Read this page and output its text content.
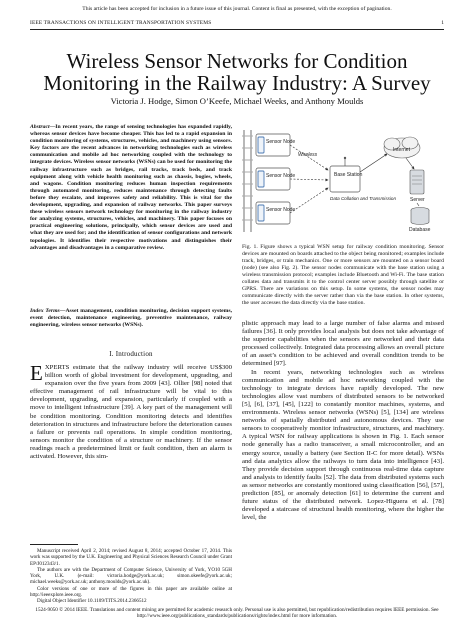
This article has been accepted for inclusion in a future issue of this journal. Content is final as presented, with the exception of pagination.
IEEE TRANSACTIONS ON INTELLIGENT TRANSPORTATION SYSTEMS	1
Wireless Sensor Networks for Condition Monitoring in the Railway Industry: A Survey
Victoria J. Hodge, Simon O’Keefe, Michael Weeks, and Anthony Moulds
Abstract—In recent years, the range of sensing technologies has expanded rapidly, whereas sensor devices have become cheaper. This has led to a rapid expansion in condition monitoring of systems, structures, vehicles, and machinery using sensors. Key factors are the recent advances in networking technologies such as wireless communication and mobile ad hoc networking coupled with the technology to integrate devices. Wireless sensor networks (WSNs) can be used for monitoring the railway infrastructure such as bridges, rail tracks, track beds, and track equipment along with vehicle health monitoring such as chassis, bogies, wheels, and wagons. Condition monitoring reduces human inspection requirements through automated monitoring, reduces maintenance through detecting faults before they escalate, and improves safety and reliability. This is vital for the development, upgrading, and expansion of railway networks. This paper surveys these wireless sensors network technology for monitoring in the railway industry for analyzing systems, structures, vehicles, and machinery. This paper focuses on practical engineering solutions, principally, which sensor devices are used and what they are used for; and the identification of sensor configurations and network topologies. It identifies their respective motivations and distinguishes their advantages and disadvantages in a comparative review.
Index Terms—Asset management, condition monitoring, decision support systems, event detection, maintenance engineering, preventive maintenance, railway engineering, wireless sensor networks (WSNs).
I. Introduction
EXPERTS estimate that the railway industry will receive US$300 billion worth of global investment for development, upgrading, and expansion over the five years from 2009 [43]. Ollier [98] noted that effective management of rail infrastructure will be vital to this development, upgrading, and expansion, particularly if coupled with a move to intelligent infrastructure [39]. A key part of the management will be condition monitoring. Condition monitoring detects and identifies deterioration in structures and infrastructure before the deterioration causes a failure or prevents rail operations. In simple condition monitoring, sensors monitor the condition of a structure or machinery. If the sensor readings reach a predetermined limit or fault condition, then an alarm is activated. However, this sim-

Manuscript received April 2, 2014; revised August 8, 2014; accepted October 17, 2014. This work was supported by the U.K. Engineering and Physical Sciences Research Council under Grant EP/J012343/1.

The authors are with the Department of Computer Science, University of York, YO10 5GH York, U.K. (e-mail: victoria.hodge@york.ac.uk; simon.okeefe@york.ac.uk; michael.weeks@york.ac.uk; anthony.moulds@york.ac.uk).

Color versions of one or more of the figures in this paper are available online at http://ieeexplore.ieee.org.

Digital Object Identifier 10.1109/TITS.2014.2366512

Sensor Node
Sensor Node
Sensor Node
Wireless
Base Station
Data Collation and Transmission
Internet
Server
Database
Fig. 1. Figure shows a typical WSN setup for railway condition monitoring. Sensor devices are mounted on boards attached to the object being monitored; examples include track, bridges, or train mechanics. One or more sensors are mounted on a sensor board (node) (see also Fig. 2). The sensor nodes communicate with the base station using a wireless transmission protocol; examples include Bluetooth and Wi-Fi. The base station collates data and transmits it to the control center server possibly through satellite or GPRS. There are variations on this setup. In some systems, the sensor nodes may communicate directly with the server rather than via the base station. In other systems, the user accesses the data directly via the base station.

plistic approach may lead to a large number of false alarms and missed failures [36]. It only provides local analysis but does not take advantage of the superior capabilities when the sensors are networked and their data processed collectively. Integrated data processing allows an overall picture of an asset’s condition to be achieved and overall condition trends to be determined [97].

In recent years, networking technologies such as wireless communication and mobile ad hoc networking coupled with the technology to integrate devices have rapidly developed. The new technologies allow vast numbers of distributed sensors to be networked [5], [6], [37], [45], [122] to constantly monitor machines, systems, and environments. Wireless sensor networks (WSNs) [5], [134] are wireless networks of spatially distributed and autonomous devices. They use sensors to cooperatively monitor infrastructure, structures, and machinery. A typical WSN for railway applications is shown in Fig. 1. Each sensor node generally has a radio transceiver, a small microcontroller, and an energy source, usually a battery (see Section II-C for more detail). WSNs and data analytics allow the railways to turn data into intelligence [43]. They provide decision support through continuous real-time data capture and analysis to identify faults [52]. The data from distributed systems such as sensor networks are constantly monitored using classification [56], [57], prediction [85], or anomaly detection [61] to determine the current and future status of the distributed network. Lopez-Higuera et al. [78] developed a staircase of structural health monitoring, where the higher the level, the

1524-9050 © 2014 IEEE. Translations and content mining are permitted for academic research only. Personal use is also permitted, but republication/redistribution requires IEEE permission. See http://www.ieee.org/publications_standards/publications/rights/index.html for more information.
